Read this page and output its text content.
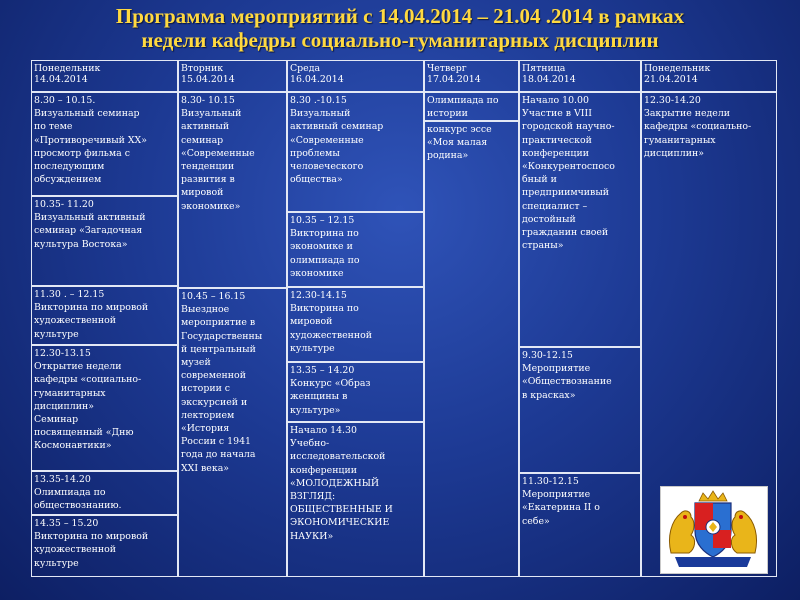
Программа мероприятий с 14.04.2014 – 21.04 .2014 в рамках
недели кафедры социально-гуманитарных дисциплин
Понедельник
14.04.2014
Вторник
15.04.2014
Среда
16.04.2014
Четверг
17.04.2014
Пятница
18.04.2014
Понедельник
21.04.2014
8.30 – 10.15.
Визуальный семинар
по теме
«Противоречивый XX»
просмотр фильма с
последующим
обсуждением
10.35- 11.20
Визуальный активный
семинар «Загадочная
культура Востока»
11.30 . – 12.15
Викторина по мировой
художественной
культуре
12.30-13.15
Открытие недели
кафедры «социально-
гуманитарных
дисциплин»
Семинар
посвященный «Дню
Космонавтики»
13.35-14.20
Олимпиада по
обществознанию.
14.35 – 15.20
Викторина по мировой
художественной
культуре
8.30- 10.15
Визуальный
активный
семинар
«Современные
тенденции
развития в
мировой
экономике»
10.45 – 16.15
Выездное
мероприятие в
Государственны
й центральный
музей
современной
истории с
экскурсией и
лекторием
«История
России с 1941
года до начала
XXI века»
8.30 .-10.15
Визуальный
активный семинар
«Современные
проблемы
человеческого
общества»
10.35 – 12.15
Викторина по
экономике и
олимпиада по
экономике
12.30-14.15
Викторина по
мировой
художественной
культуре
13.35 – 14.20
Конкурс «Образ
женщины в
культуре»
Начало 14.30
Учебно-
исследовательской
конференции
«МОЛОДЕЖНЫЙ
ВЗГЛЯД:
ОБЩЕСТВЕННЫЕ И
ЭКОНОМИЧЕСКИЕ
НАУКИ»
Олимпиада по
истории
конкурс эссе
«Моя малая
родина»
Начало 10.00
Участие в VIII
городской научно-
практической
конференции
«Конкурентоспосо
бный и
предприимчивый
специалист –
достойный
гражданин своей
страны»
9.30-12.15
Мероприятие
«Обществознание
в красках»
11.30-12.15
Мероприятие
«Екатерина II о
себе»
12.30-14.20
Закрытие недели
кафедры «социально-
гуманитарных
дисциплин»
